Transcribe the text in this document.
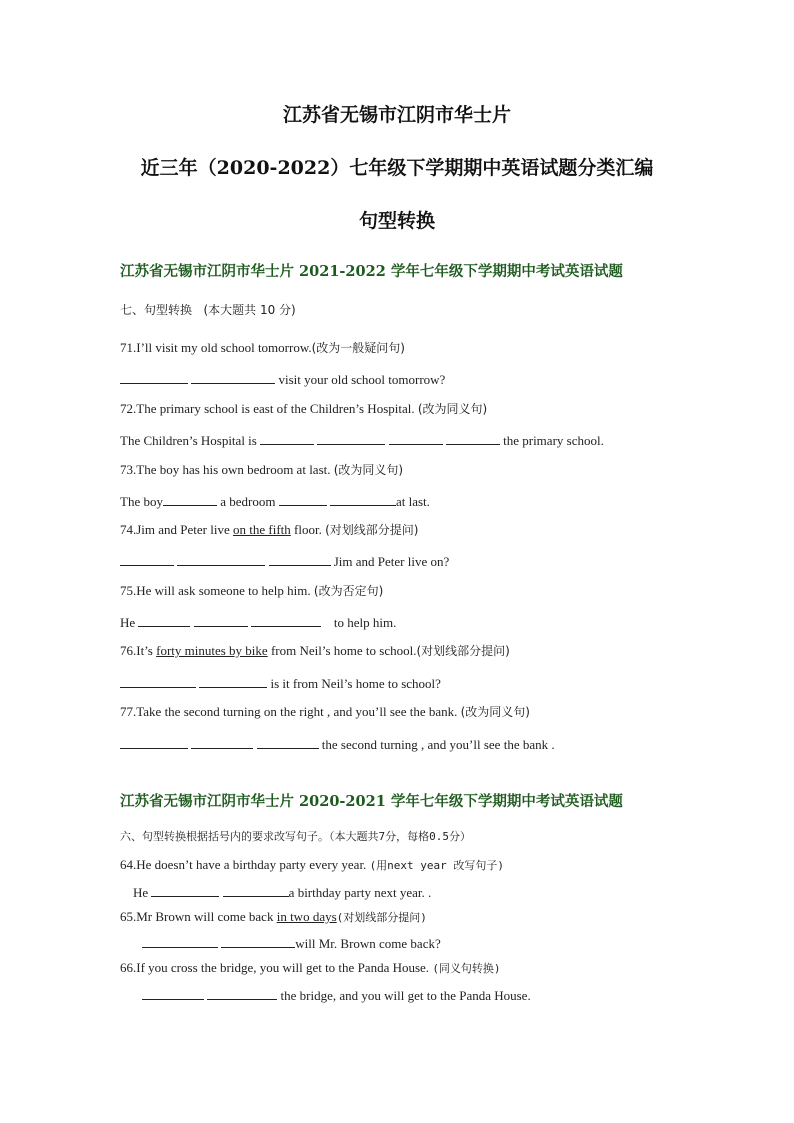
江苏省无锡市江阴市华士片
近三年（2020-2022）七年级下学期期中英语试题分类汇编
句型转换
江苏省无锡市江阴市华士片 2021-2022 学年七年级下学期期中考试英语试题
七、句型转换 (本大题共 10 分)
71.I’ll visit my old school tomorrow.(改为一般疑问句)
visit your old school tomorrow?
72.The primary school is east of the Children’s Hospital. (改为同义句)
The Children’s Hospital is	the primary school.
73.The boy has his own bedroom at last. (改为同义句)
The boy	a bedroom	at last.
74.Jim and Peter live on the fifth floor. (对划线部分提问)
Jim and Peter live on?
75.He will ask someone to help him. (改为否定句)
He	to help him.
76.It’s forty minutes by bike from Neil’s home to school.(对划线部分提问)
is it from Neil’s home to school?
77.Take the second turning on the right , and you’ll see the bank. (改为同义句)
the second turning , and you’ll see the bank .
江苏省无锡市江阴市华士片 2020-2021 学年七年级下学期期中考试英语试题
六、句型转换根据括号内的要求改写句子。（本大题共7分，每格0.5分）
64.He doesn’t have a birthday party every year. (用next year 改写句子)
He	a birthday party next year. .
65.Mr Brown will come back in two days(对划线部分提问)
will Mr. Brown come back?
66.If you cross the bridge, you will get to the Panda House. (同义句转换)
the bridge, and you will get to the Panda House.
